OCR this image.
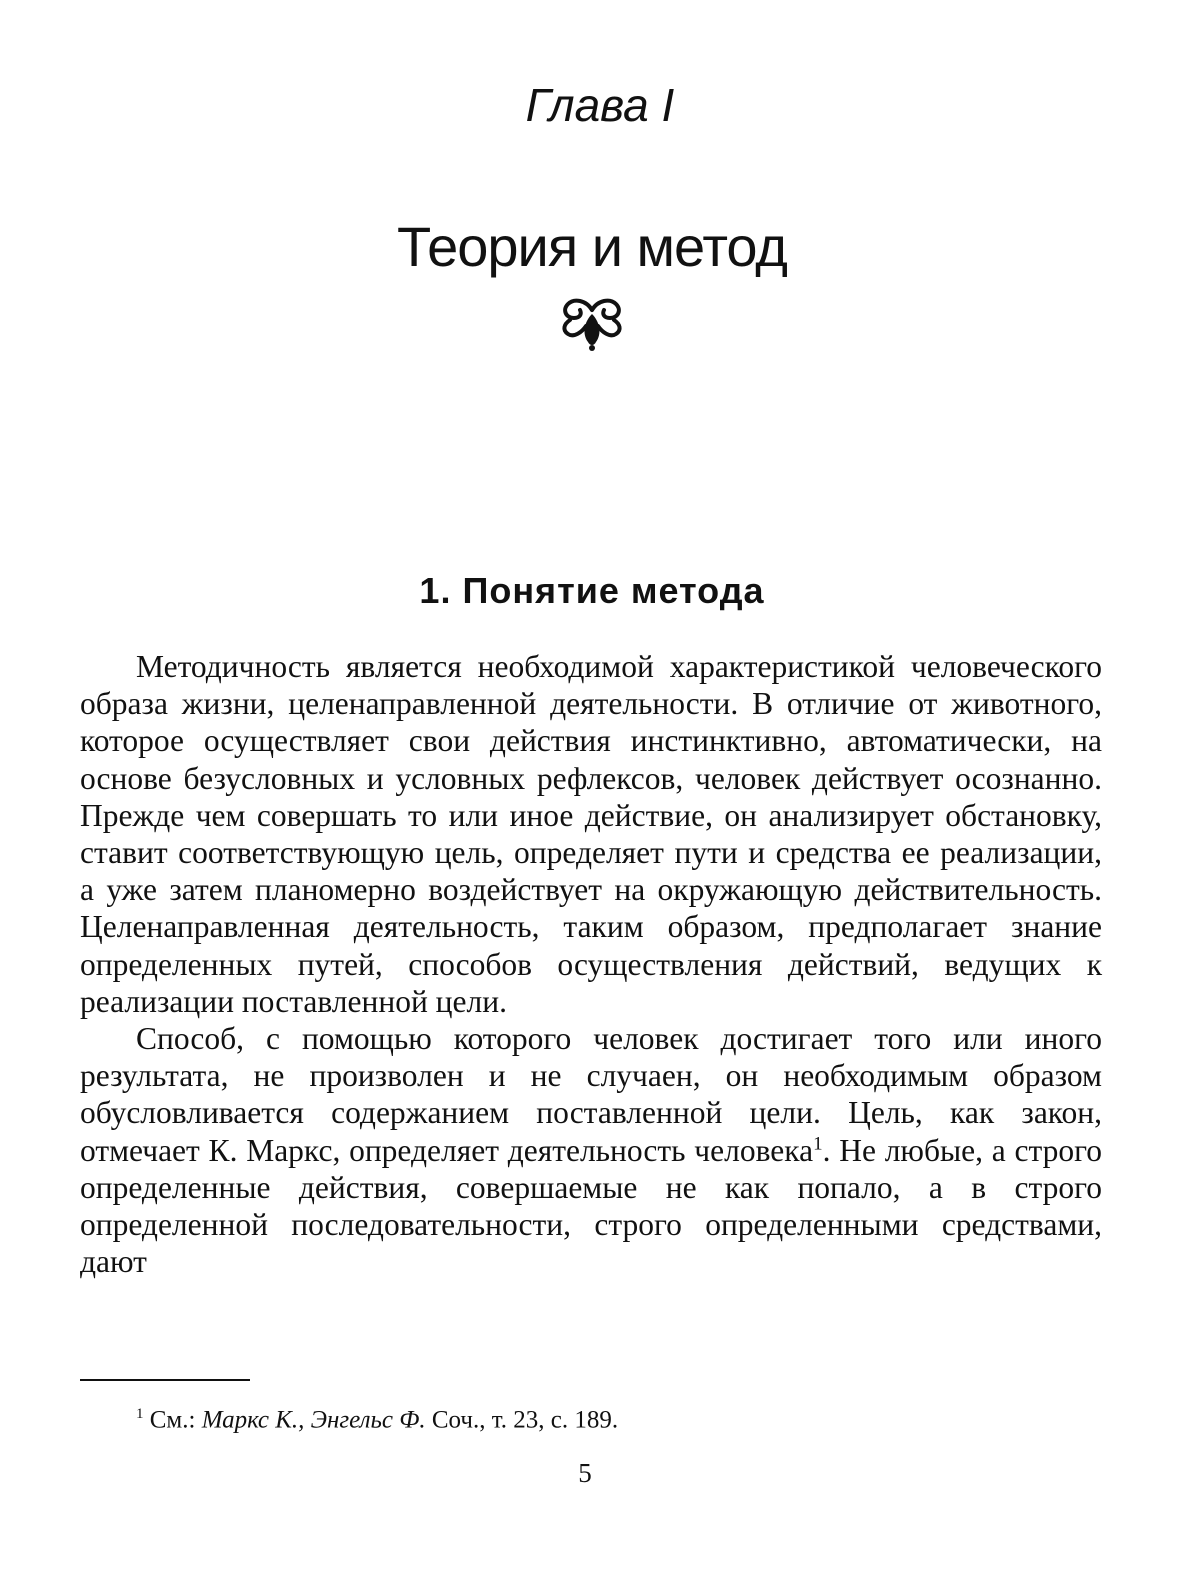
Глава I
Теория и метод
1. Понятие метода

Методичность является необходимой характеристикой человеческого образа жизни, целенаправленной деятельности. В отличие от животного, которое осуществляет свои действия инстинктивно, автоматически, на основе безусловных и условных рефлексов, человек действует осознанно. Прежде чем совершать то или иное действие, он анализирует обстановку, ставит соответствующую цель, определяет пути и средства ее реализации, а уже затем планомерно воздействует на окружающую действительность. Целенаправленная деятельность, таким образом, предполагает знание определенных путей, способов осуществления действий, ведущих к реализации поставленной цели.

Способ, с помощью которого человек достигает того или иного результата, не произволен и не случаен, он необходимым образом обусловливается содержанием поставленной цели. Цель, как закон, отмечает К. Маркс, определяет деятельность человека$^1$. Не любые, а строго определенные действия, совершаемые не как попало, а в строго определенной последовательности, строго определенными средствами, дают

$^1$ См.: Маркс К., Энгельс Ф. Соч., т. 23, с. 189.
5
